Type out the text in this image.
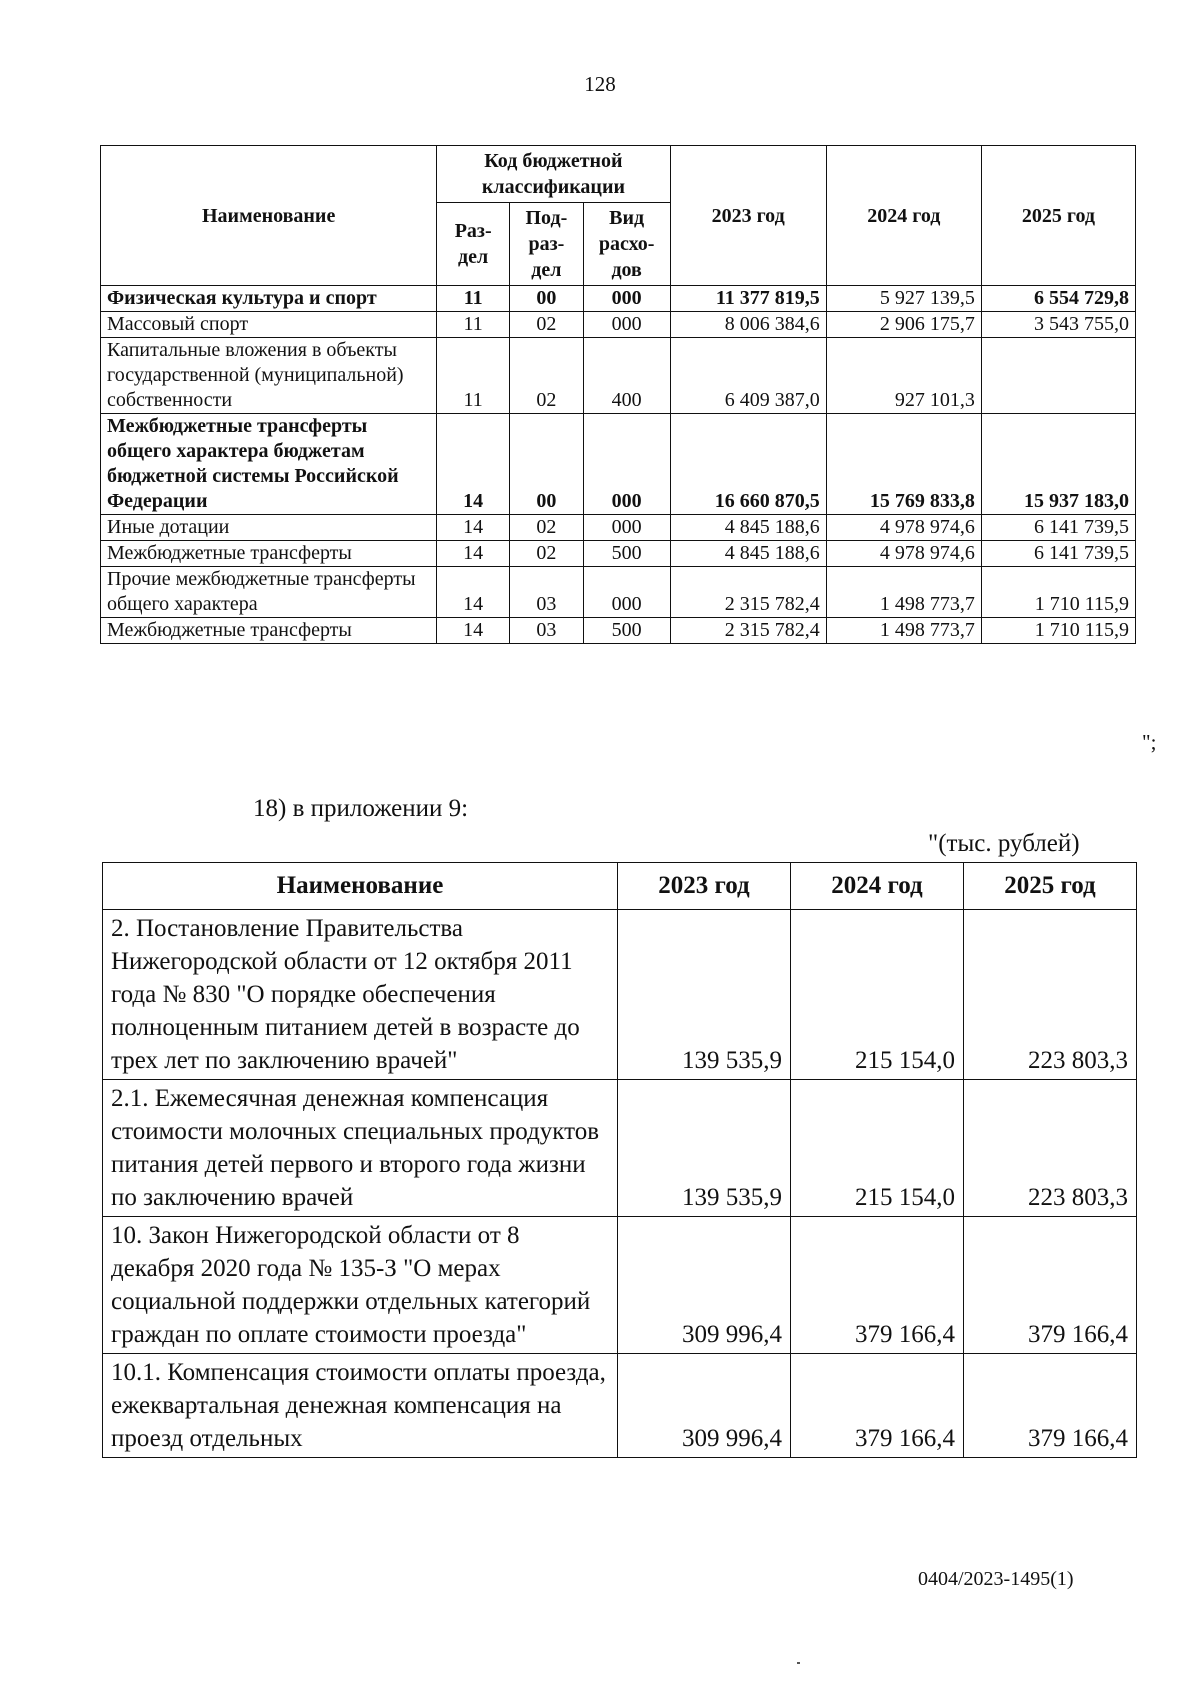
128
Наименование	Код бюджетной классификации			2023 год	2024 год	2025 год
	Раз-дел	Под-раз-дел	Вид расхо-дов			
Физическая культура и спорт	11	00	000	11 377 819,5	5 927 139,5	6 554 729,8
Массовый спорт	11	02	000	8 006 384,6	2 906 175,7	3 543 755,0
Капитальные вложения в объекты государственной (муниципальной) собственности	11	02	400	6 409 387,0	927 101,3	
Межбюджетные трансферты общего характера бюджетам бюджетной системы Российской Федерации	14	00	000	16 660 870,5	15 769 833,8	15 937 183,0
Иные дотации	14	02	000	4 845 188,6	4 978 974,6	6 141 739,5
Межбюджетные трансферты	14	02	500	4 845 188,6	4 978 974,6	6 141 739,5
Прочие межбюджетные трансферты общего характера	14	03	000	2 315 782,4	1 498 773,7	1 710 115,9
Межбюджетные трансферты	14	03	500	2 315 782,4	1 498 773,7	1 710 115,9
";
18) в приложении 9:
"(тыс. рублей)
Наименование	2023 год	2024 год	2025 год
2. Постановление Правительства Нижегородской области от 12 октября 2011 года № 830 "О порядке обеспечения полноценным питанием детей в возрасте до трех лет по заключению врачей"	139 535,9	215 154,0	223 803,3
2.1. Ежемесячная денежная компенсация стоимости молочных специальных продуктов питания детей первого и второго года жизни по заключению врачей	139 535,9	215 154,0	223 803,3
10. Закон Нижегородской области от 8 декабря 2020 года № 135-З "О мерах социальной поддержки отдельных категорий граждан по оплате стоимости проезда"	309 996,4	379 166,4	379 166,4
10.1. Компенсация стоимости оплаты проезда, ежеквартальная денежная компенсация на проезд отдельных	309 996,4	379 166,4	379 166,4
0404/2023-1495(1)
